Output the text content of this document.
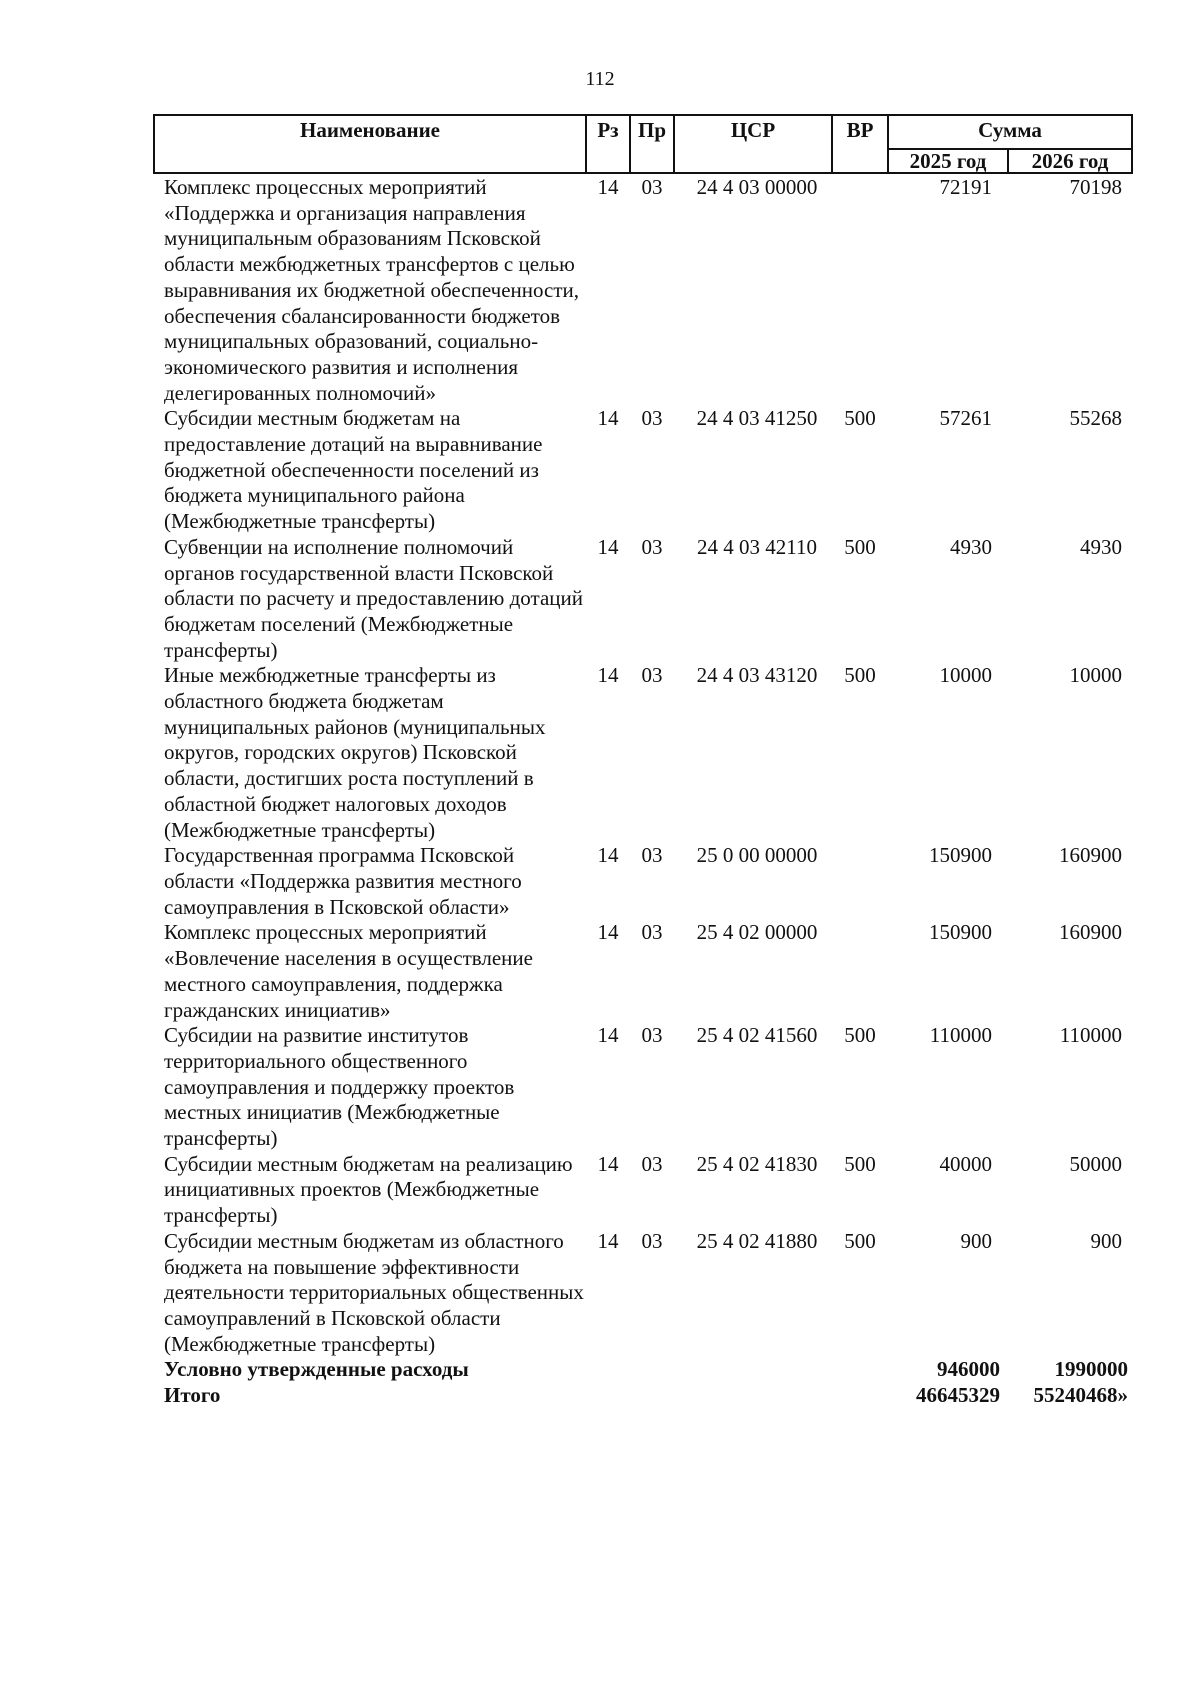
112
Наименование	Рз	Пр	ЦСР	ВР	Сумма	
					2025 год	2026 год
Комплекс процессных мероприятий «Поддержка и организация направления муниципальным образованиям Псковской области межбюджетных трансфертов с целью выравнивания их бюджетной обеспеченности, обеспечения сбалансированности бюджетов муниципальных образований, социально-экономического развития и исполнения делегированных полномочий»	14	03	24 4 03 00000		72191	70198
Субсидии местным бюджетам на предоставление дотаций на выравнивание бюджетной обеспеченности поселений из бюджета муниципального района (Межбюджетные трансферты)	14	03	24 4 03 41250	500	57261	55268
Субвенции на исполнение полномочий органов государственной власти Псковской области по расчету и предоставлению дотаций бюджетам поселений (Межбюджетные трансферты)	14	03	24 4 03 42110	500	4930	4930
Иные межбюджетные трансферты из областного бюджета бюджетам муниципальных районов (муниципальных округов, городских округов) Псковской области, достигших роста поступлений в областной бюджет налоговых доходов (Межбюджетные трансферты)	14	03	24 4 03 43120	500	10000	10000
Государственная программа Псковской области «Поддержка развития местного самоуправления в Псковской области»	14	03	25 0 00 00000		150900	160900
Комплекс процессных мероприятий «Вовлечение населения в осуществление местного самоуправления, поддержка гражданских инициатив»	14	03	25 4 02 00000		150900	160900
Субсидии на развитие институтов территориального общественного самоуправления и поддержку проектов местных инициатив (Межбюджетные трансферты)	14	03	25 4 02 41560	500	110000	110000
Субсидии местным бюджетам на реализацию инициативных проектов (Межбюджетные трансферты)	14	03	25 4 02 41830	500	40000	50000
Субсидии местным бюджетам из областного бюджета на повышение эффективности деятельности территориальных общественных самоуправлений в Псковской области (Межбюджетные трансферты)	14	03	25 4 02 41880	500	900	900
Условно утвержденные расходы					946000	1990000
Итого					46645329	55240468»
